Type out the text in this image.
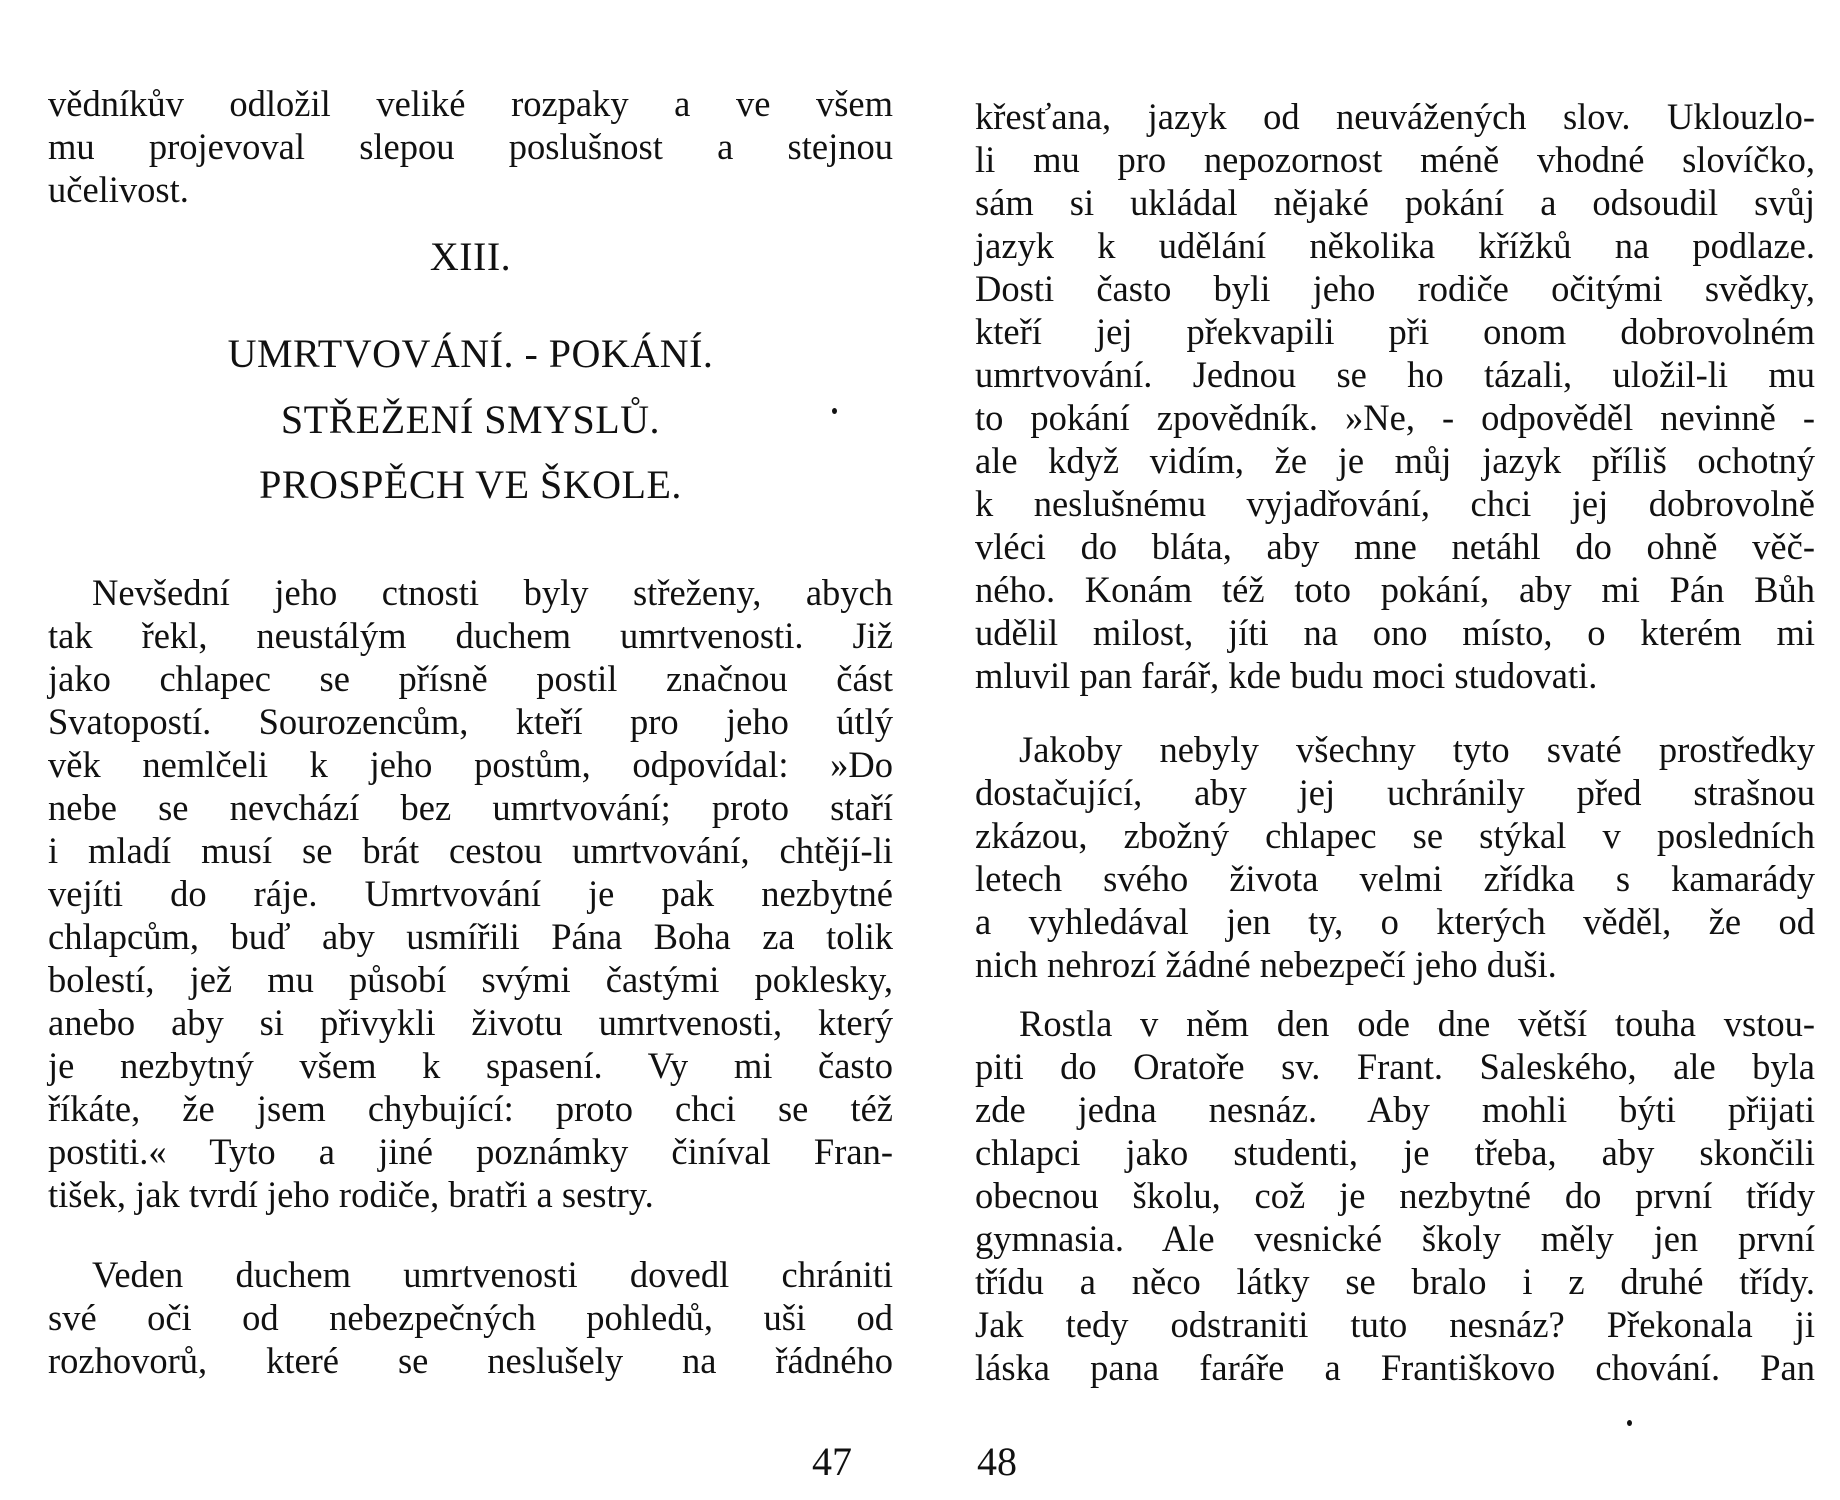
vědníkův odložil veliké rozpaky a ve všem
mu projevoval slepou poslušnost a stejnou
učelivost.
XIII.
UMRTVOVÁNÍ. - POKÁNÍ.
STŘEŽENÍ SMYSLŮ.
PROSPĚCH VE ŠKOLE.
Nevšední jeho ctnosti byly střeženy, abych
tak řekl, neustálým duchem umrtvenosti. Již
jako chlapec se přísně postil značnou část
Svatopostí. Sourozencům, kteří pro jeho útlý
věk nemlčeli k jeho postům, odpovídal: »Do
nebe se nevchází bez umrtvování; proto staří
i mladí musí se brát cestou umrtvování, chtějí-li
vejíti do ráje. Umrtvování je pak nezbytné
chlapcům, buď aby usmířili Pána Boha za tolik
bolestí, jež mu působí svými častými poklesky,
anebo aby si přivykli životu umrtvenosti, který
je nezbytný všem k spasení. Vy mi často
říkáte, že jsem chybující: proto chci se též
postiti.« Tyto a jiné poznámky činíval Fran-
tišek, jak tvrdí jeho rodiče, bratři a sestry.
Veden duchem umrtvenosti dovedl chrániti
své oči od nebezpečných pohledů, uši od
rozhovorů, které se neslušely na řádného
47
křesťana, jazyk od neuvážených slov. Uklouzlo-
li mu pro nepozornost méně vhodné slovíčko,
sám si ukládal nějaké pokání a odsoudil svůj
jazyk k udělání několika křížků na podlaze.
Dosti často byli jeho rodiče očitými svědky,
kteří jej překvapili při onom dobrovolném
umrtvování. Jednou se ho tázali, uložil-li mu
to pokání zpovědník. »Ne, - odpověděl nevinně -
ale když vidím, že je můj jazyk příliš ochotný
k neslušnému vyjadřování, chci jej dobrovolně
vléci do bláta, aby mne netáhl do ohně věč-
ného. Konám též toto pokání, aby mi Pán Bůh
udělil milost, jíti na ono místo, o kterém mi
mluvil pan farář, kde budu moci studovati.
Jakoby nebyly všechny tyto svaté prostředky
dostačující, aby jej uchránily před strašnou
zkázou, zbožný chlapec se stýkal v posledních
letech svého života velmi zřídka s kamarády
a vyhledával jen ty, o kterých věděl, že od
nich nehrozí žádné nebezpečí jeho duši.
Rostla v něm den ode dne větší touha vstou-
piti do Oratoře sv. Frant. Saleského, ale byla
zde jedna nesnáz. Aby mohli býti přijati
chlapci jako studenti, je třeba, aby skončili
obecnou školu, což je nezbytné do první třídy
gymnasia. Ale vesnické školy měly jen první
třídu a něco látky se bralo i z druhé třídy.
Jak tedy odstraniti tuto nesnáz? Překonala ji
láska pana faráře a Františkovo chování. Pan
48
